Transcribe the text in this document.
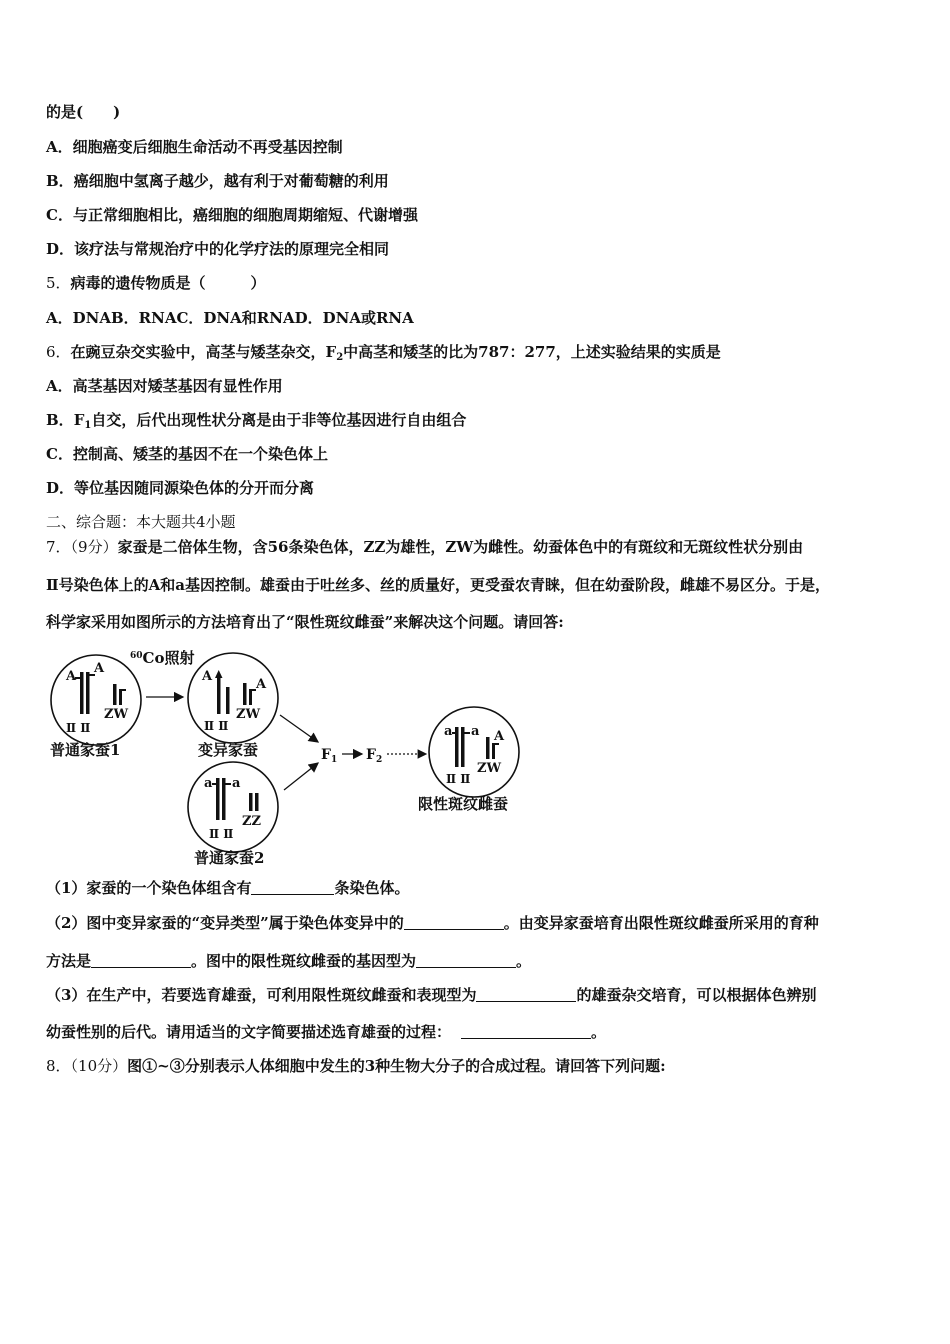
的是(　　)
A．细胞癌变后细胞生命活动不再受基因控制
B．癌细胞中氢离子越少，越有利于对葡萄糖的利用
C．与正常细胞相比，癌细胞的细胞周期缩短、代谢增强
D．该疗法与常规治疗中的化学疗法的原理完全相同
5．病毒的遗传物质是（　　　）
A．DNAB．RNAC．DNA和RNAD．DNA或RNA
6．在豌豆杂交实验中，高茎与矮茎杂交，$F_2$中高茎和矮茎的比为787：277，上述实验结果的实质是
A．高茎基因对矮茎基因有显性作用
B．$F_1$自交，后代出现性状分离是由于非等位基因进行自由组合
C．控制高、矮茎的基因不在一个染色体上
D．等位基因随同源染色体的分开而分离
二、综合题：本大题共4小题
7．（9分）家蚕是二倍体生物，含56条染色体，ZZ为雄性，ZW为雌性。幼蚕体色中的有斑纹和无斑纹性状分别由
Ⅱ号染色体上的A和a基因控制。雄蚕由于吐丝多、丝的质量好，更受蚕农青睐，但在幼蚕阶段，雌雄不易区分。于是，
科学家采用如图所示的方法培育出了“限性斑纹雌蚕”来解决这个问题。请回答:
A
A
Ⅱ Ⅱ
ZW
普通家蚕1
$^{60}$Co照射
A
A
Ⅱ Ⅱ
ZW
变异家蚕
a a
Ⅱ Ⅱ
ZZ
普通家蚕2
$F_1$ $F_2$
a a A
Ⅱ Ⅱ
ZW
限性斑纹雌蚕
（1）家蚕的一个染色体组含有	条染色体。
（2）图中变异家蚕的“变异类型”属于染色体变异中的	。由变异家蚕培育出限性斑纹雌蚕所采用的育种
方法是	。图中的限性斑纹雌蚕的基因型为	。
（3）在生产中，若要选育雄蚕，可利用限性斑纹雌蚕和表现型为	的雄蚕杂交培育，可以根据体色辨别
幼蚕性别的后代。请用适当的文字简要描述选育雄蚕的过程：	。
8．（10分）图①~③分别表示人体细胞中发生的3种生物大分子的合成过程。请回答下列问题:
